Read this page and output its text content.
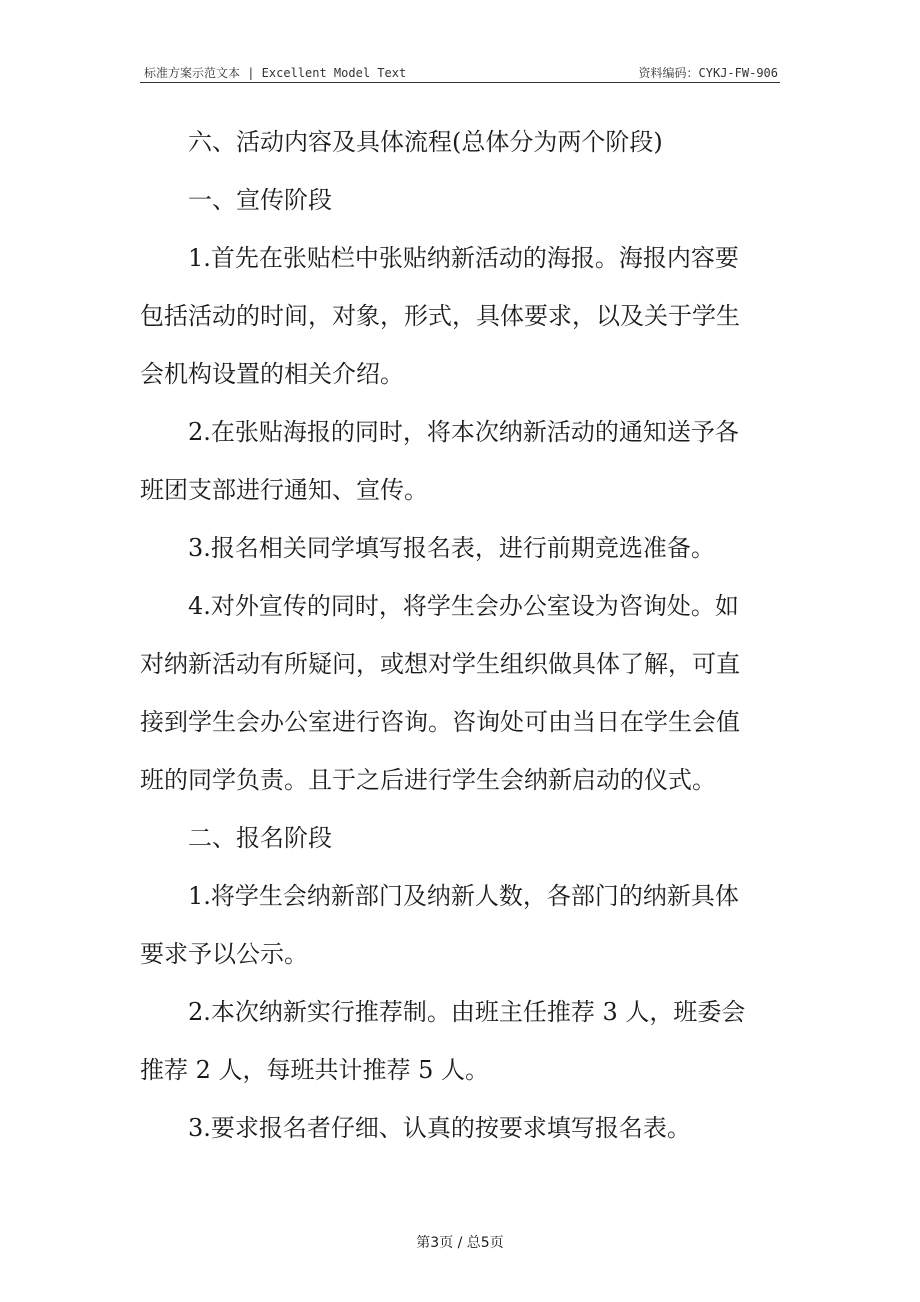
标准方案示范文本 | Excellent Model Text	资料编码：CYKJ-FW-906
六、活动内容及具体流程(总体分为两个阶段)
一、宣传阶段
1.首先在张贴栏中张贴纳新活动的海报。海报内容要
包括活动的时间，对象，形式，具体要求，以及关于学生
会机构设置的相关介绍。
2.在张贴海报的同时，将本次纳新活动的通知送予各
班团支部进行通知、宣传。
3.报名相关同学填写报名表，进行前期竞选准备。
4.对外宣传的同时，将学生会办公室设为咨询处。如
对纳新活动有所疑问，或想对学生组织做具体了解，可直
接到学生会办公室进行咨询。咨询处可由当日在学生会值
班的同学负责。且于之后进行学生会纳新启动的仪式。
二、报名阶段
1.将学生会纳新部门及纳新人数，各部门的纳新具体
要求予以公示。
2.本次纳新实行推荐制。由班主任推荐 3 人，班委会
推荐 2 人，每班共计推荐 5 人。
3.要求报名者仔细、认真的按要求填写报名表。
第3页 / 总5页
